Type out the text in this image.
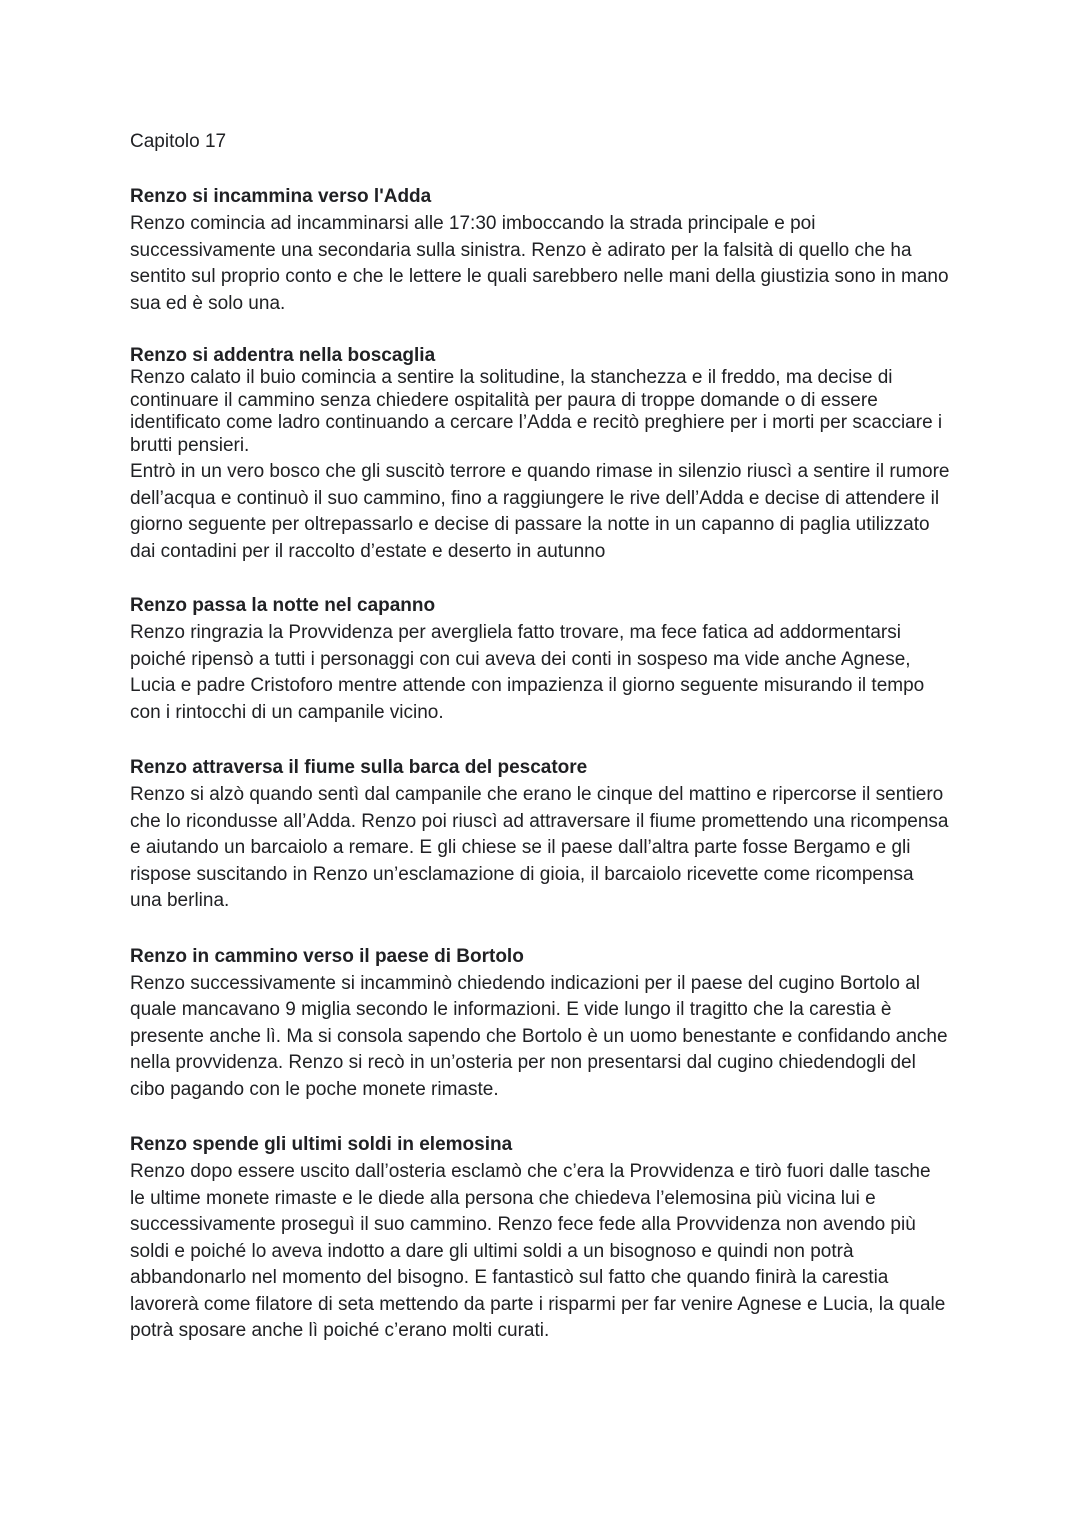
Capitolo 17
Renzo si incammina verso l'Adda

Renzo comincia ad incamminarsi alle 17:30 imboccando la strada principale e poi successivamente una secondaria sulla sinistra. Renzo è adirato per la falsità di quello che ha sentito sul proprio conto e che le lettere le quali sarebbero nelle mani della giustizia sono in mano sua ed è solo una.

Renzo si addentra nella boscaglia

Renzo calato il buio comincia a sentire la solitudine, la stanchezza e il freddo, ma decise di continuare il cammino senza chiedere ospitalità per paura di troppe domande o di essere identificato come ladro continuando a cercare l’Adda e recitò preghiere per i morti per scacciare i brutti pensieri.

Entrò in un vero bosco che gli suscitò terrore e quando rimase in silenzio riuscì a sentire il rumore dell’acqua e continuò il suo cammino, fino a raggiungere le rive dell’Adda e decise di attendere il giorno seguente per oltrepassarlo e decise di passare la notte in un capanno di paglia utilizzato dai contadini per il raccolto d’estate e deserto in autunno

Renzo passa la notte nel capanno

Renzo ringrazia la Provvidenza per avergliela fatto trovare, ma fece fatica ad addormentarsi poiché ripensò a tutti i personaggi con cui aveva dei conti in sospeso ma vide anche Agnese, Lucia e padre Cristoforo mentre attende con impazienza il giorno seguente misurando il tempo con i rintocchi di un campanile vicino.

Renzo attraversa il fiume sulla barca del pescatore

Renzo si alzò quando sentì dal campanile che erano le cinque del mattino e ripercorse il sentiero che lo ricondusse all’Adda. Renzo poi riuscì ad attraversare il fiume promettendo una ricompensa e aiutando un barcaiolo a remare. E gli chiese se il paese dall’altra parte fosse Bergamo e gli rispose suscitando in Renzo un’esclamazione di gioia, il barcaiolo ricevette come ricompensa una berlina.

Renzo in cammino verso il paese di Bortolo

Renzo successivamente si incamminò chiedendo indicazioni per il paese del cugino Bortolo al quale mancavano 9 miglia secondo le informazioni. E vide lungo il tragitto che la carestia è presente anche lì. Ma si consola sapendo che Bortolo è un uomo benestante e confidando anche nella provvidenza. Renzo si recò in un’osteria per non presentarsi dal cugino chiedendogli del cibo pagando con le poche monete rimaste.

Renzo spende gli ultimi soldi in elemosina

Renzo dopo essere uscito dall’osteria esclamò che c’era la Provvidenza e tirò fuori dalle tasche le ultime monete rimaste e le diede alla persona che chiedeva l’elemosina più vicina lui e successivamente proseguì il suo cammino. Renzo fece fede alla Provvidenza non avendo più soldi e poiché lo aveva indotto a dare gli ultimi soldi a un bisognoso e quindi non potrà abbandonarlo nel momento del bisogno. E fantasticò sul fatto che quando finirà la carestia lavorerà come filatore di seta mettendo da parte i risparmi per far venire Agnese e Lucia, la quale potrà sposare anche lì poiché c’erano molti curati.
